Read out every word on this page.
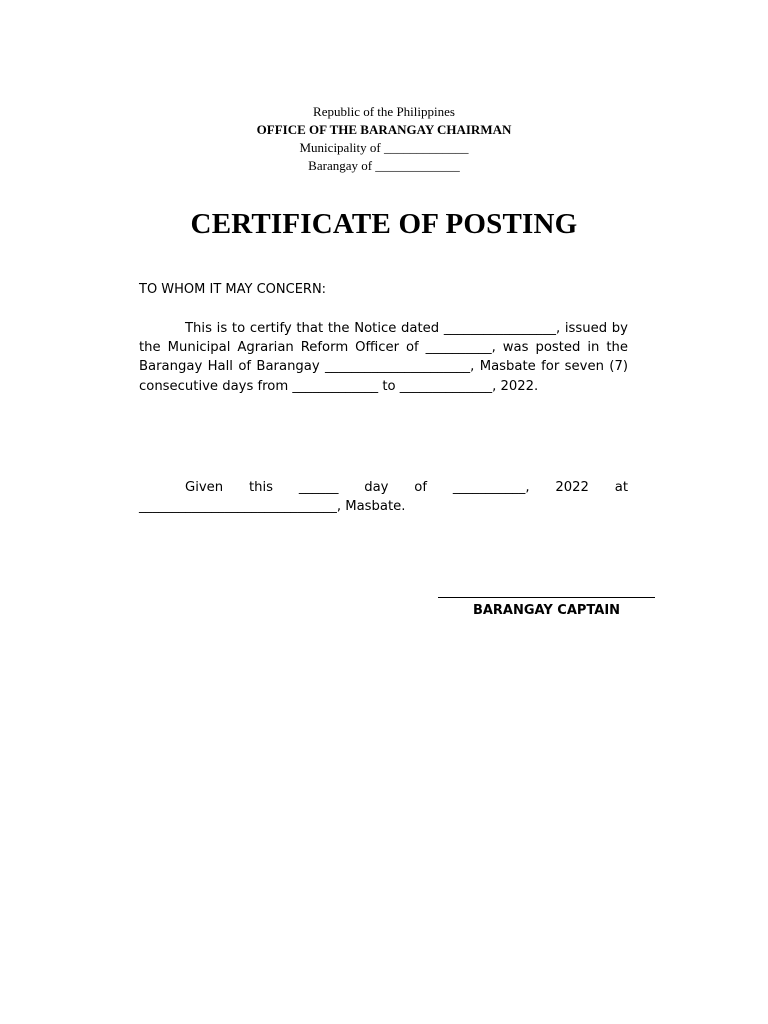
Republic of the Philippines
OFFICE OF THE BARANGAY CHAIRMAN
Municipality of _____________
Barangay of _____________
CERTIFICATE OF POSTING
TO WHOM IT MAY CONCERN:
This is to certify that the Notice dated _________________, issued by the Municipal Agrarian Reform Officer of __________, was posted in the Barangay Hall of Barangay ______________________, Masbate for seven (7) consecutive days from _____________ to ______________, 2022.
Given this ______ day of ___________, 2022 at ______________________________, Masbate.
BARANGAY CAPTAIN
